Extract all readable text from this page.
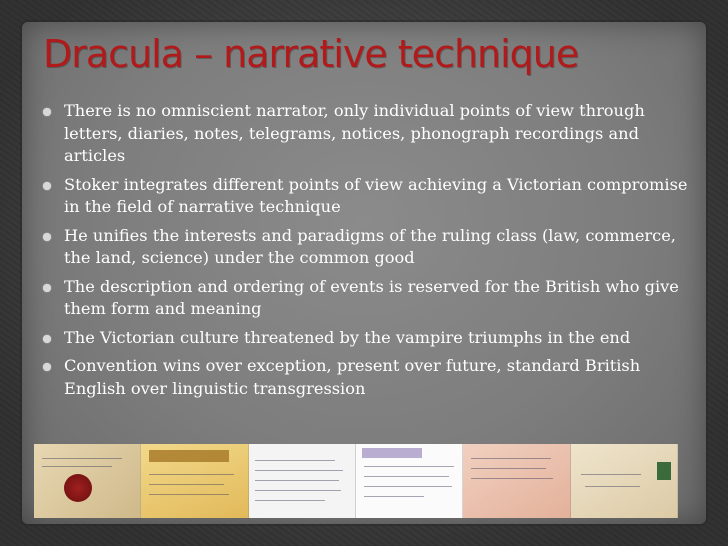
Dracula – narrative technique
There is no omniscient narrator, only individual points of view through letters, diaries, notes, telegrams, notices, phonograph recordings and articles
Stoker integrates different points of view achieving a Victorian compromise in the field of narrative technique
He unifies the interests and paradigms of the ruling class (law, commerce, the land, science) under the common good
The description and ordering of events is reserved for the British who give them form and meaning
The Victorian culture threatened by the vampire triumphs in the end
Convention wins over exception, present over future, standard British English over linguistic transgression
